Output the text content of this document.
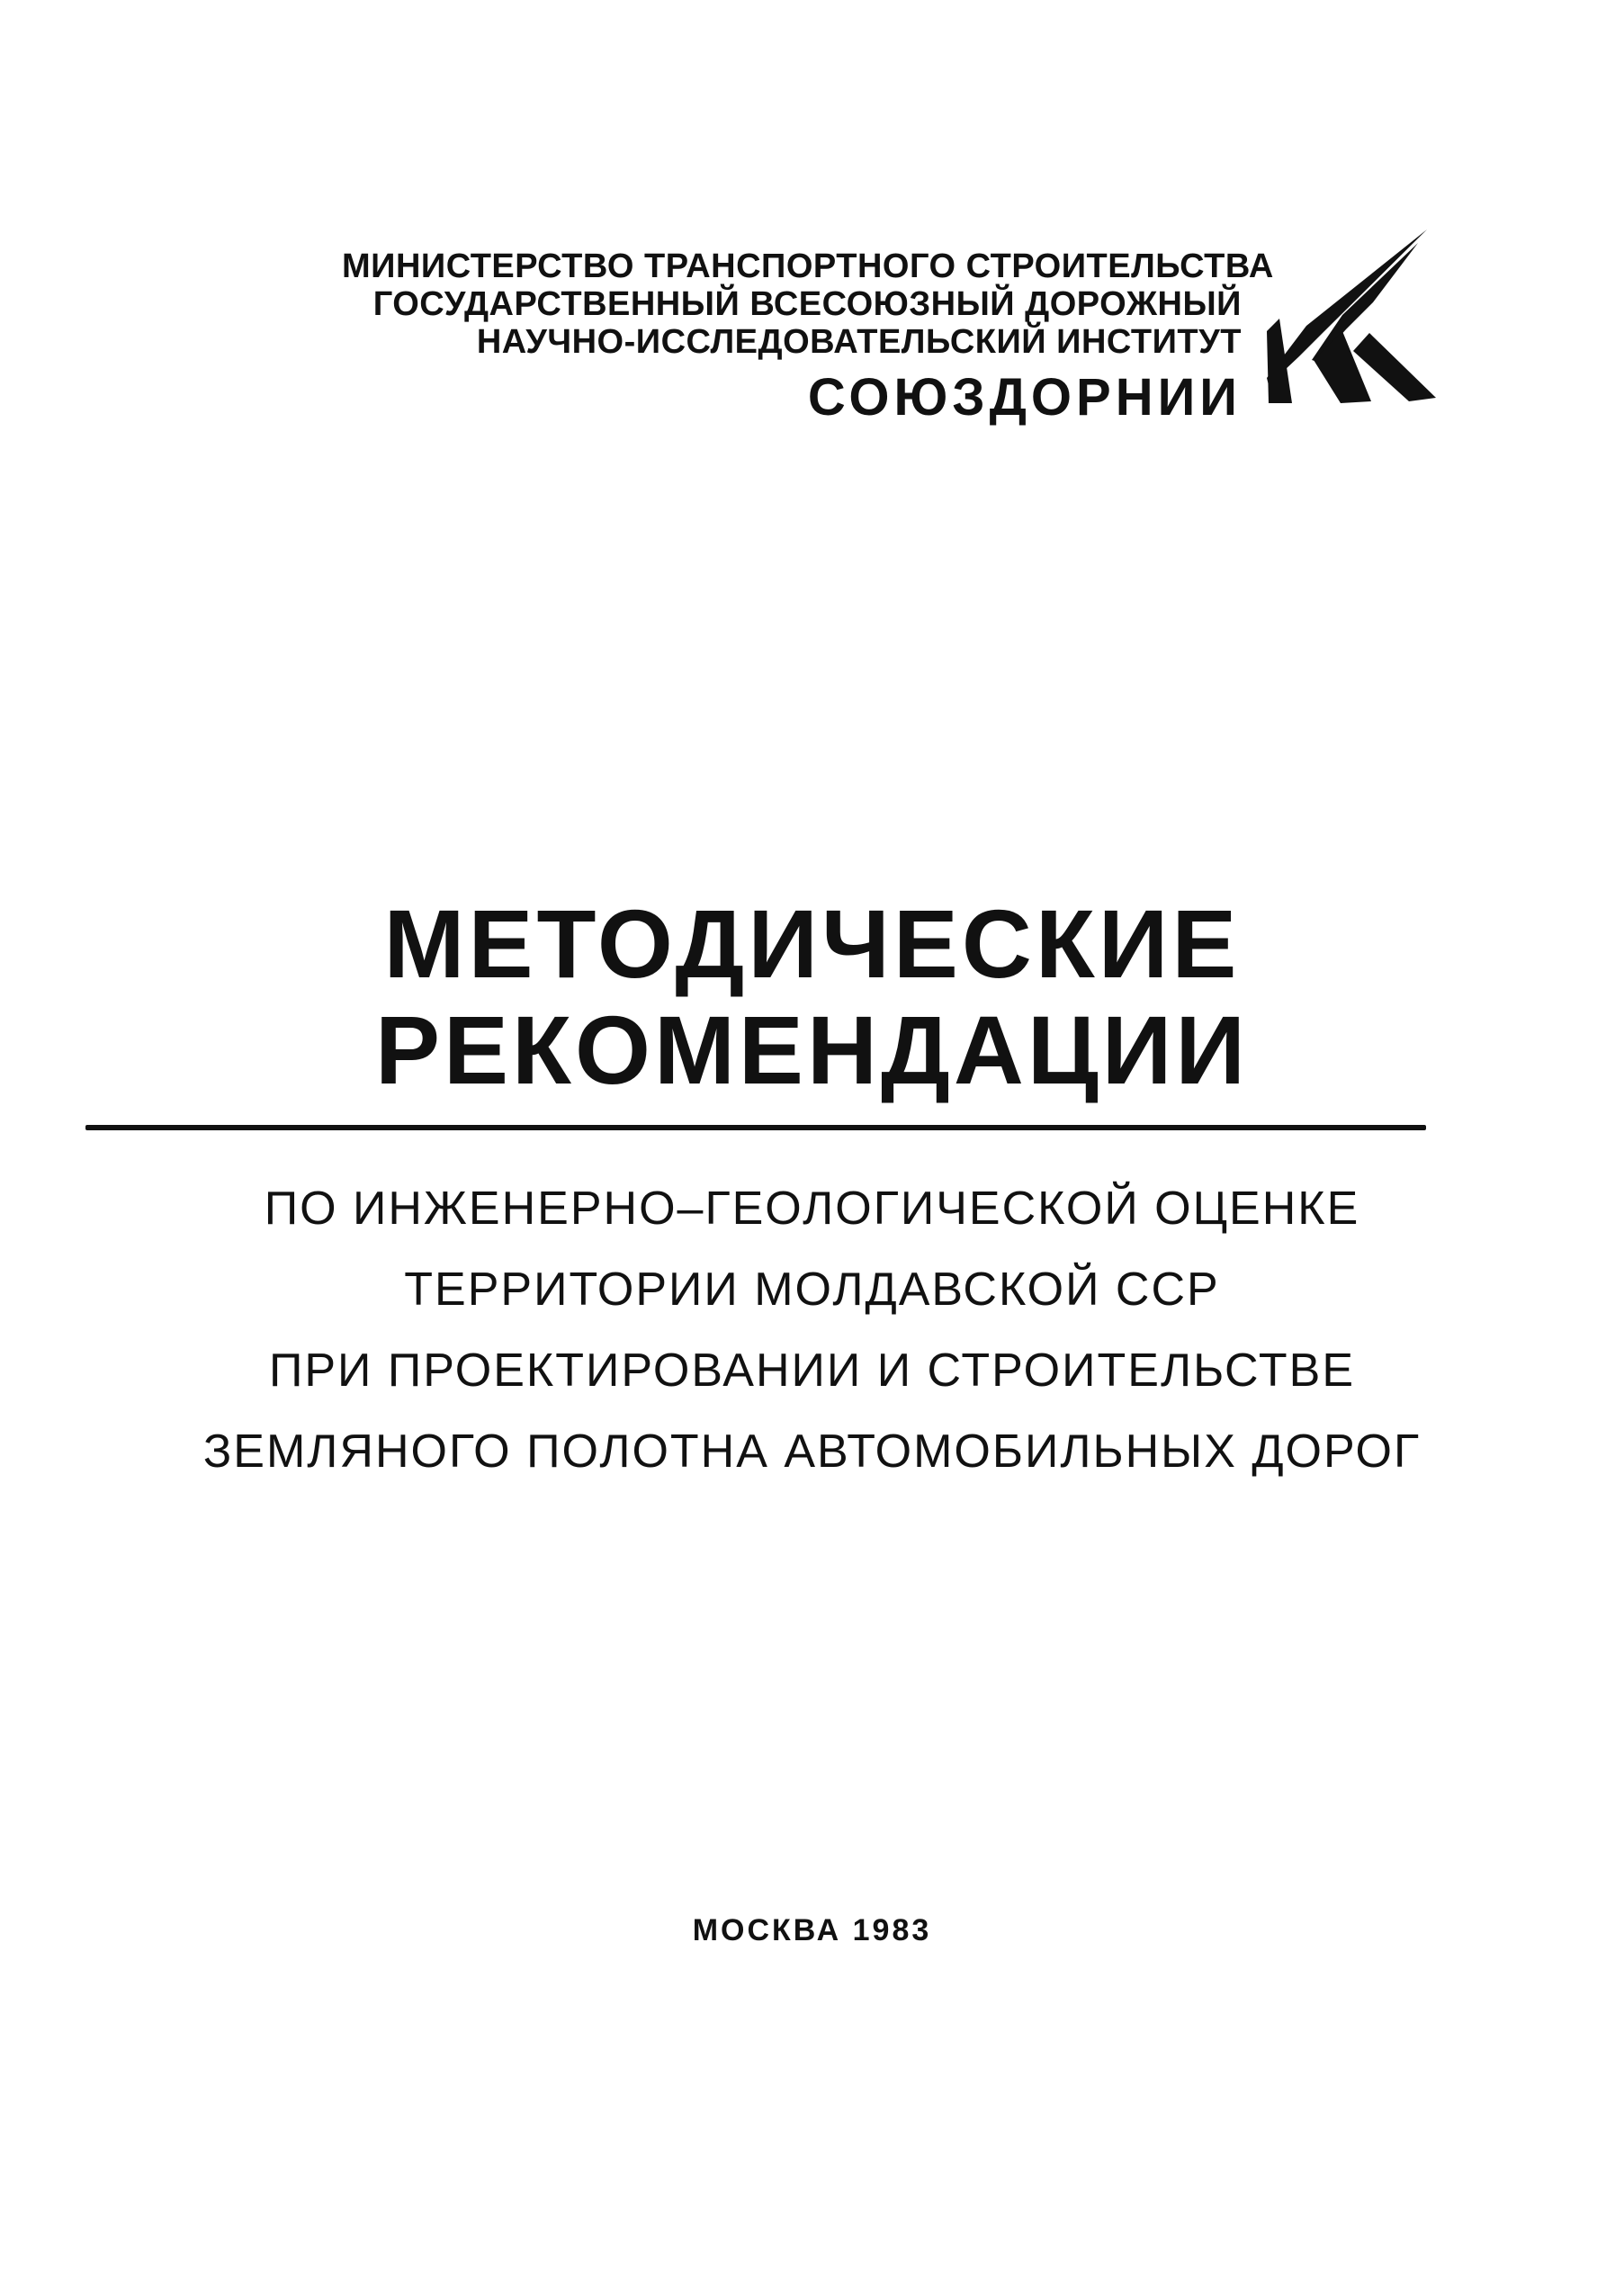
МИНИСТЕРСТВО ТРАНСПОРТНОГО СТРОИТЕЛЬСТВА
ГОСУДАРСТВЕННЫЙ ВСЕСОЮЗНЫЙ ДОРОЖНЫЙ
НАУЧНО-ИССЛЕДОВАТЕЛЬСКИЙ ИНСТИТУТ
СОЮЗДОРНИИ
МЕТОДИЧЕСКИЕ
РЕКОМЕНДАЦИИ
ПО ИНЖЕНЕРНО–ГЕОЛОГИЧЕСКОЙ ОЦЕНКЕ
ТЕРРИТОРИИ МОЛДАВСКОЙ ССР
ПРИ ПРОЕКТИРОВАНИИ И СТРОИТЕЛЬСТВЕ
ЗЕМЛЯНОГО ПОЛОТНА АВТОМОБИЛЬНЫХ ДОРОГ
МОСКВА 1983
